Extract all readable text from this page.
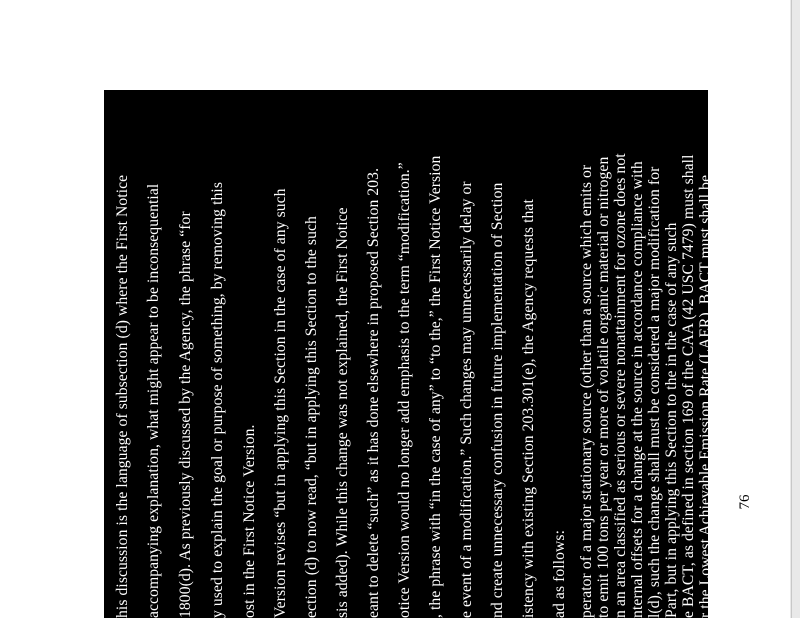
his discussion is the language of subsection (d) where the First Notice accompanying explanation, what might appear to be inconsequential 1800(d). As previously discussed by the Agency, the phrase “for y used to explain the goal or purpose of something, by removing this ost in the First Notice Version. Version revises “but in applying this Section in the case of any such ection (d) to now read, “but in applying this Section to the such sis added). While this change was not explained, the First Notice eant to delete “such” as it has done elsewhere in proposed Section 203. otice Version would no longer add emphasis to the term “modification.” , the phrase with “in the case of any” to “to the,” the First Notice Version e event of a modification.” Such changes may unnecessarily delay or nd create unnecessary confusion in future implementation of Section istency with existing Section 203.301(e), the Agency requests that ad as follows: perator of a major stationary source (other than a source which emits or to emit 100 tons per year or more of volatile organic material or nitrogen n an area classified as serious or severe nonattainment for ozone does not nternal offsets for a change at the source in accordance compliance with l(d), such the change shall must be considered a major modification for Part, but in applying this Section to the in the case of any such e BACT, as defined in section 169 of the CAA (42 USC 7479) must shall r the Lowest Achievable Emission Rate (LAER). BACT must shall be cordance ing to the with policies and procedures published by USEPA. 76
